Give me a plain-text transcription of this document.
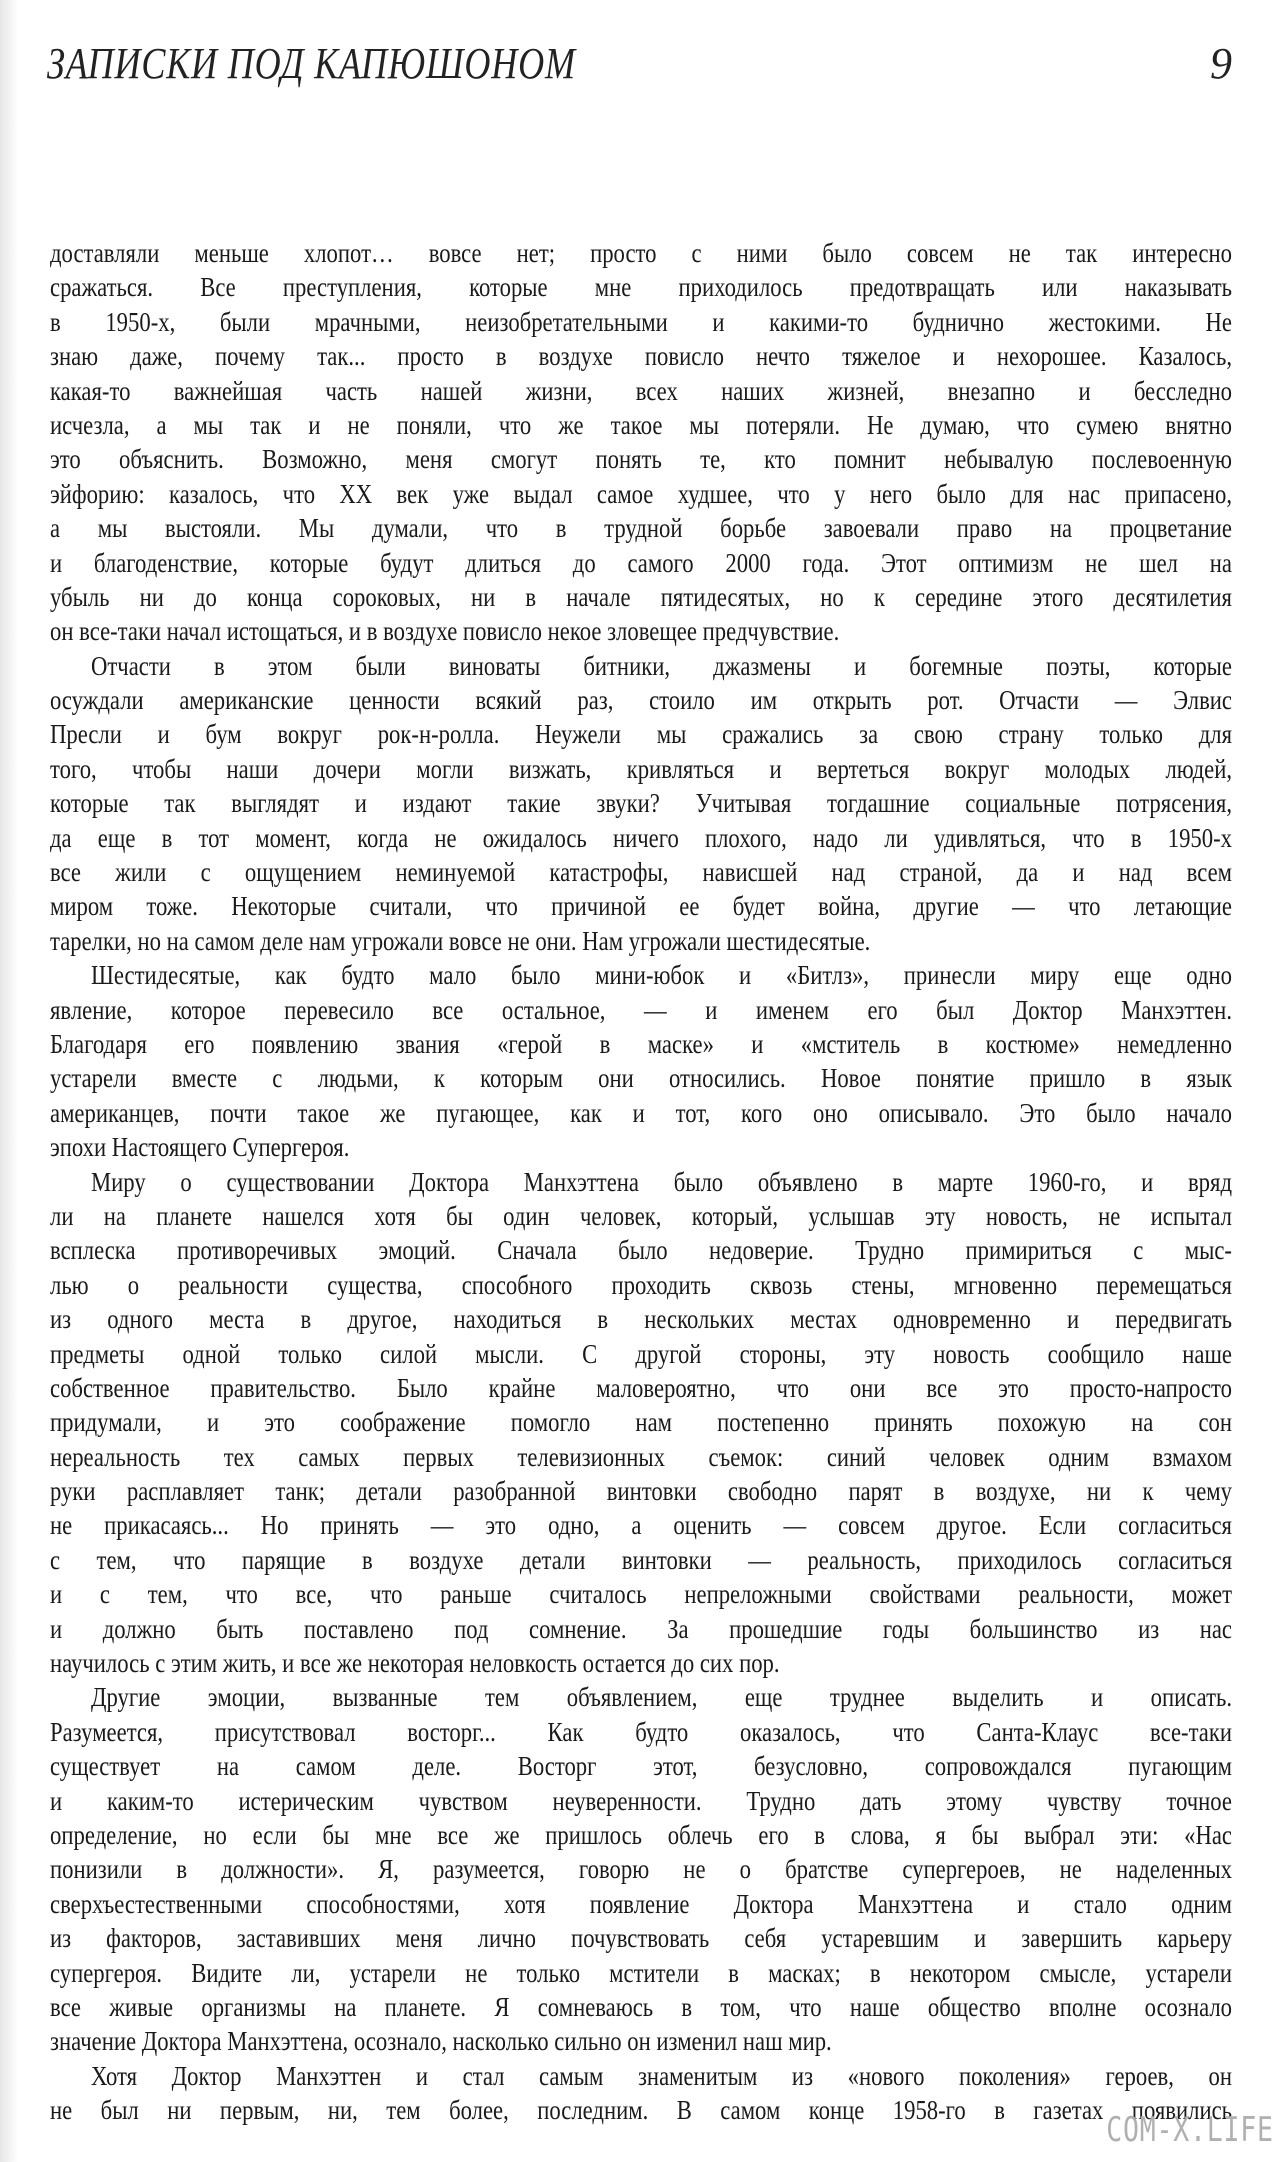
ЗАПИСКИ ПОД КАПЮШОНОМ	9
доставляли меньше хлопот… вовсе нет; просто с ними было совсем не так интересно
сражаться. Все преступления, которые мне приходилось предотвращать или наказывать
в 1950-х, были мрачными, неизобретательными и какими-то буднично жестокими. Не
знаю даже, почему так... просто в воздухе повисло нечто тяжелое и нехорошее. Казалось,
какая-то важнейшая часть нашей жизни, всех наших жизней, внезапно и бесследно
исчезла, а мы так и не поняли, что же такое мы потеряли. Не думаю, что сумею внятно
это объяснить. Возможно, меня смогут понять те, кто помнит небывалую послевоенную
эйфорию: казалось, что XX век уже выдал самое худшее, что у него было для нас припасено,
а мы выстояли. Мы думали, что в трудной борьбе завоевали право на процветание
и благоденствие, которые будут длиться до самого 2000 года. Этот оптимизм не шел на
убыль ни до конца сороковых, ни в начале пятидесятых, но к середине этого десятилетия
он все-таки начал истощаться, и в воздухе повисло некое зловещее предчувствие.
Отчасти в этом были виноваты битники, джазмены и богемные поэты, которые
осуждали американские ценности всякий раз, стоило им открыть рот. Отчасти — Элвис
Пресли и бум вокруг рок-н-ролла. Неужели мы сражались за свою страну только для
того, чтобы наши дочери могли визжать, кривляться и вертеться вокруг молодых людей,
которые так выглядят и издают такие звуки? Учитывая тогдашние социальные потрясения,
да еще в тот момент, когда не ожидалось ничего плохого, надо ли удивляться, что в 1950-х
все жили с ощущением неминуемой катастрофы, нависшей над страной, да и над всем
миром тоже. Некоторые считали, что причиной ее будет война, другие — что летающие
тарелки, но на самом деле нам угрожали вовсе не они. Нам угрожали шестидесятые.
Шестидесятые, как будто мало было мини-юбок и «Битлз», принесли миру еще одно
явление, которое перевесило все остальное, — и именем его был Доктор Манхэттен.
Благодаря его появлению звания «герой в маске» и «мститель в костюме» немедленно
устарели вместе с людьми, к которым они относились. Новое понятие пришло в язык
американцев, почти такое же пугающее, как и тот, кого оно описывало. Это было начало
эпохи Настоящего Супергероя.
Миру о существовании Доктора Манхэттена было объявлено в марте 1960-го, и вряд
ли на планете нашелся хотя бы один человек, который, услышав эту новость, не испытал
всплеска противоречивых эмоций. Сначала было недоверие. Трудно примириться с мыс-
лью о реальности существа, способного проходить сквозь стены, мгновенно перемещаться
из одного места в другое, находиться в нескольких местах одновременно и передвигать
предметы одной только силой мысли. С другой стороны, эту новость сообщило наше
собственное правительство. Было крайне маловероятно, что они все это просто-напросто
придумали, и это соображение помогло нам постепенно принять похожую на сон
нереальность тех самых первых телевизионных съемок: синий человек одним взмахом
руки расплавляет танк; детали разобранной винтовки свободно парят в воздухе, ни к чему
не прикасаясь... Но принять — это одно, а оценить — совсем другое. Если согласиться
с тем, что парящие в воздухе детали винтовки — реальность, приходилось согласиться
и с тем, что все, что раньше считалось непреложными свойствами реальности, может
и должно быть поставлено под сомнение. За прошедшие годы большинство из нас
научилось с этим жить, и все же некоторая неловкость остается до сих пор.
Другие эмоции, вызванные тем объявлением, еще труднее выделить и описать.
Разумеется, присутствовал восторг... Как будто оказалось, что Санта-Клаус все-таки
существует на самом деле. Восторг этот, безусловно, сопровождался пугающим
и каким-то истерическим чувством неуверенности. Трудно дать этому чувству точное
определение, но если бы мне все же пришлось облечь его в слова, я бы выбрал эти: «Нас
понизили в должности». Я, разумеется, говорю не о братстве супергероев, не наделенных
сверхъестественными способностями, хотя появление Доктора Манхэттена и стало одним
из факторов, заставивших меня лично почувствовать себя устаревшим и завершить карьеру
супергероя. Видите ли, устарели не только мстители в масках; в некотором смысле, устарели
все живые организмы на планете. Я сомневаюсь в том, что наше общество вполне осознало
значение Доктора Манхэттена, осознало, насколько сильно он изменил наш мир.
Хотя Доктор Манхэттен и стал самым знаменитым из «нового поколения» героев, он
не был ни первым, ни, тем более, последним. В самом конце 1958-го в газетах появились
COM-X.LIFE
